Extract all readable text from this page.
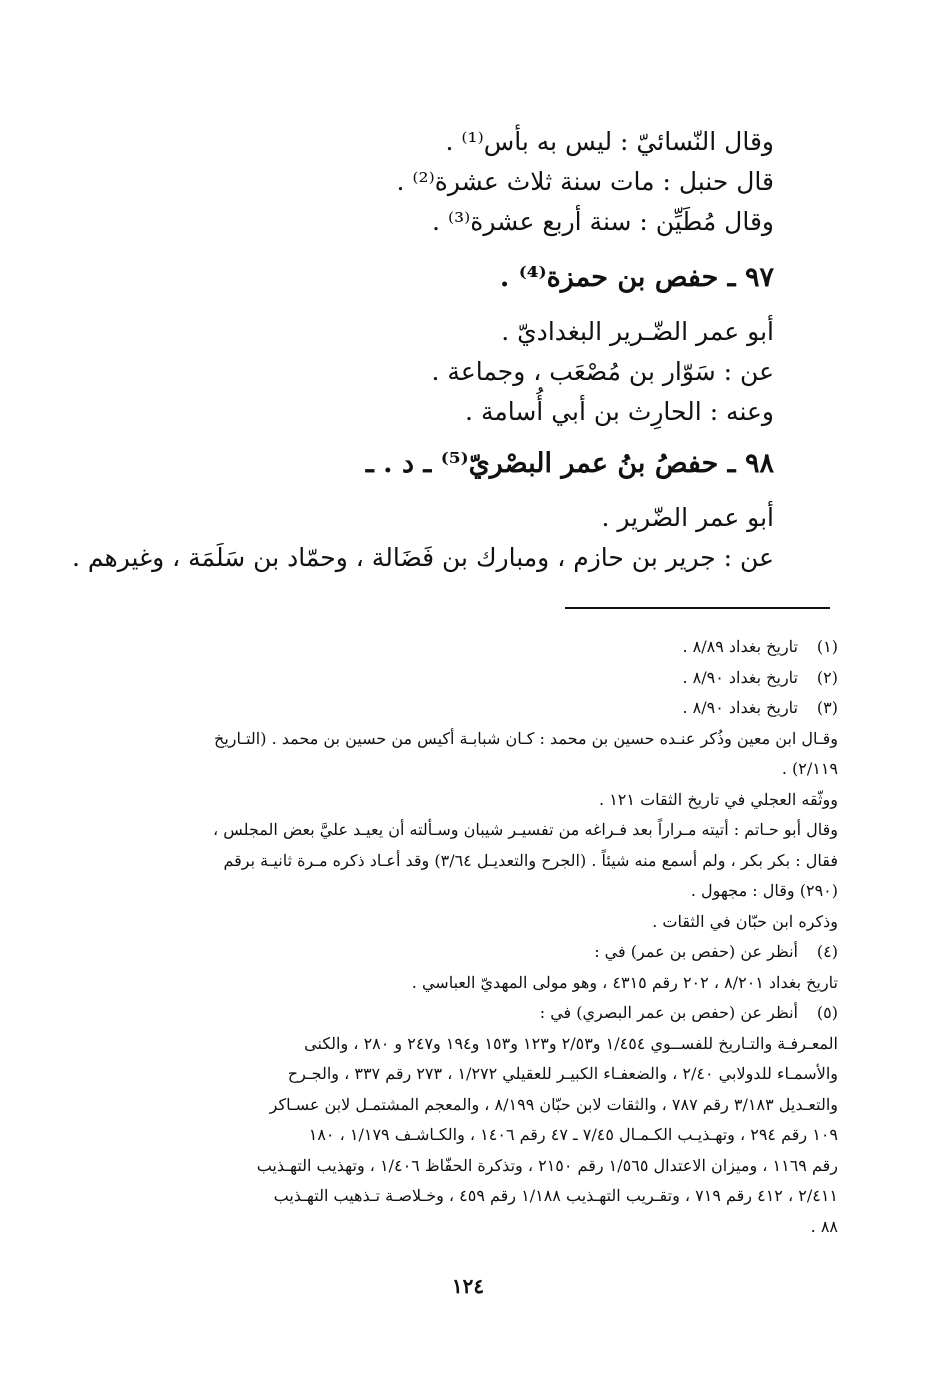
وقال النّسائيّ : ليس به بأس⁽¹⁾ .
قال حنبل : مات سنة ثلاث عشرة⁽²⁾ .
وقال مُطَيِّن : سنة أربع عشرة⁽³⁾ .
٩٧ ـ حفص بن حمزة⁽⁴⁾ .
أبو عمر الضّـرير البغداديّ .
عن : سَوّار بن مُصْعَب ، وجماعة .
وعنه : الحارِث بن أبي أُسامة .
٩٨ ـ حفصُ بنُ عمر البصْريّ⁽⁵⁾ ـ د . ـ
أبو عمر الضّرير .
عن : جرير بن حازم ، ومبارك بن فَضَالة ، وحمّاد بن سَلَمَة ، وغيرهم .
(١)
تاريخ بغداد ٨/٨٩ .
(٢)
تاريخ بغداد ٨/٩٠ .
(٣)
تاريخ بغداد ٨/٩٠ .
وقـال ابن معين وذُكر عنـده حسين بن محمد : كـان شبابـة أكيس من حسين بن محمد . (التـاريخ
٢/١١٩) .
ووثّقه العجلي في تاريخ الثقات ١٢١ .
وقال أبو حـاتم : أتيته مـراراً بعد فـراغه من تفسيـر شيبان وسـألته أن يعيـد عليَّ بعض المجلس ،
فقال : بكر بكر ، ولم أسمع منه شيئاً . (الجرح والتعديـل ٣/٦٤) وقد أعـاد ذكره مـرة ثانيـة برقم
(٢٩٠) وقال : مجهول .
وذكره ابن حبّان في الثقات .
(٤)
أنظر عن (حفص بن عمر) في :
تاريخ بغداد ٨/٢٠١ ، ٢٠٢ رقم ٤٣١٥ ، وهو مولى المهديّ العباسي .
(٥)
أنظر عن (حفص بن عمر البصري) في :
المعـرفـة والتـاريخ للفســوي ١/٤٥٤ و٢/٥٣ و١٢٣ و١٥٣ و١٩٤ و٢٤٧ و ٢٨٠ ، والكنى
والأسمـاء للدولابي ٢/٤٠ ، والضعفـاء الكبيـر للعقيلي ١/٢٧٢ ، ٢٧٣ رقم ٣٣٧ ، والجـرح
والتعـديل ٣/١٨٣ رقم ٧٨٧ ، والثقات لابن حبّان ٨/١٩٩ ، والمعجم المشتمـل لابن عسـاكر
١٠٩ رقم ٢٩٤ ، وتهـذيـب الكـمـال ٧/٤٥ ـ ٤٧ رقم ١٤٠٦ ، والكـاشـف ١/١٧٩ ، ١٨٠
رقم ١١٦٩ ، وميزان الاعتدال ١/٥٦٥ رقم ٢١٥٠ ، وتذكرة الحفّاظ ١/٤٠٦ ، وتهذيب التهـذيب
٢/٤١١ ، ٤١٢ رقم ٧١٩ ، وتقـريب التهـذيب ١/١٨٨ رقم ٤٥٩ ، وخـلاصـة تـذهيب التهـذيب
٨٨ .
١٢٤
